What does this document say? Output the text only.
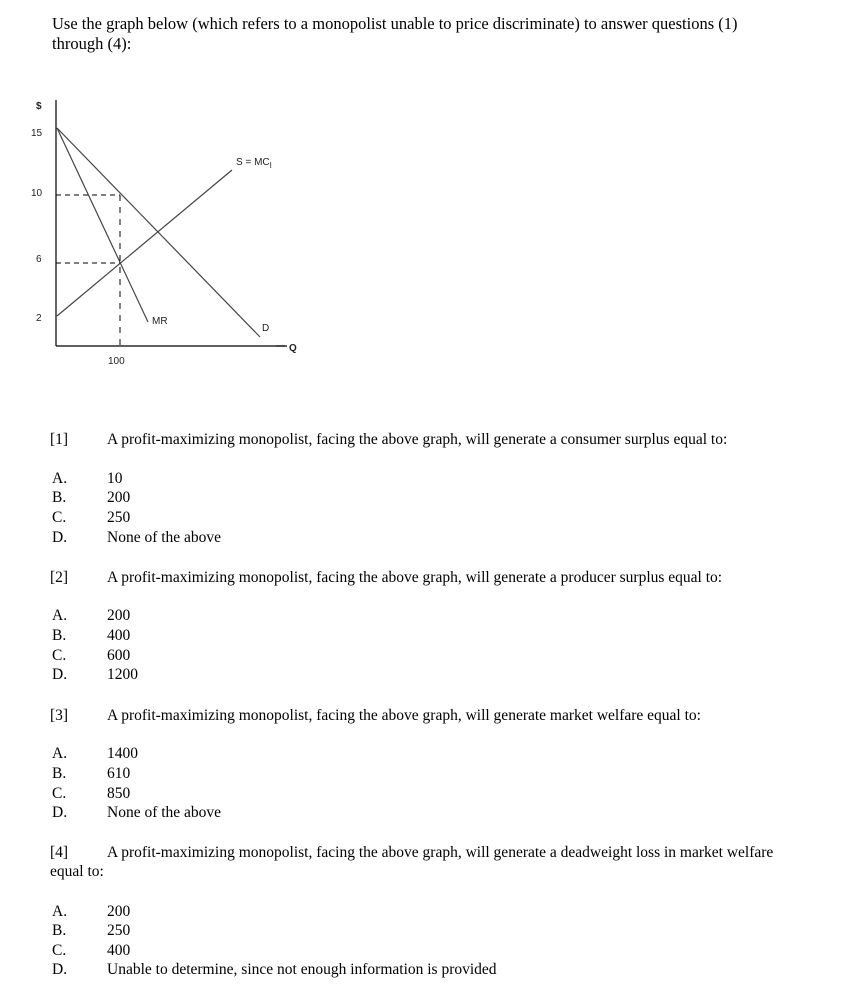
Use the graph below (which refers to a monopolist unable to price discriminate) to answer questions (1) through (4):
$
15
10
6
2
100
Q
$S = MC_I$
MR
D
[1]	A profit-maximizing monopolist, facing the above graph, will generate a consumer surplus equal to:
A.	10
B.	200
C.	250
D.	None of the above
[2]	A profit-maximizing monopolist, facing the above graph, will generate a producer surplus equal to:
A.	200
B.	400
C.	600
D.	1200
[3]	A profit-maximizing monopolist, facing the above graph, will generate market welfare equal to:
A.	1400
B.	610
C.	850
D.	None of the above
[4]	A profit-maximizing monopolist, facing the above graph, will generate a deadweight loss in market welfare equal to:
A.	200
B.	250
C.	400
D.	Unable to determine, since not enough information is provided
